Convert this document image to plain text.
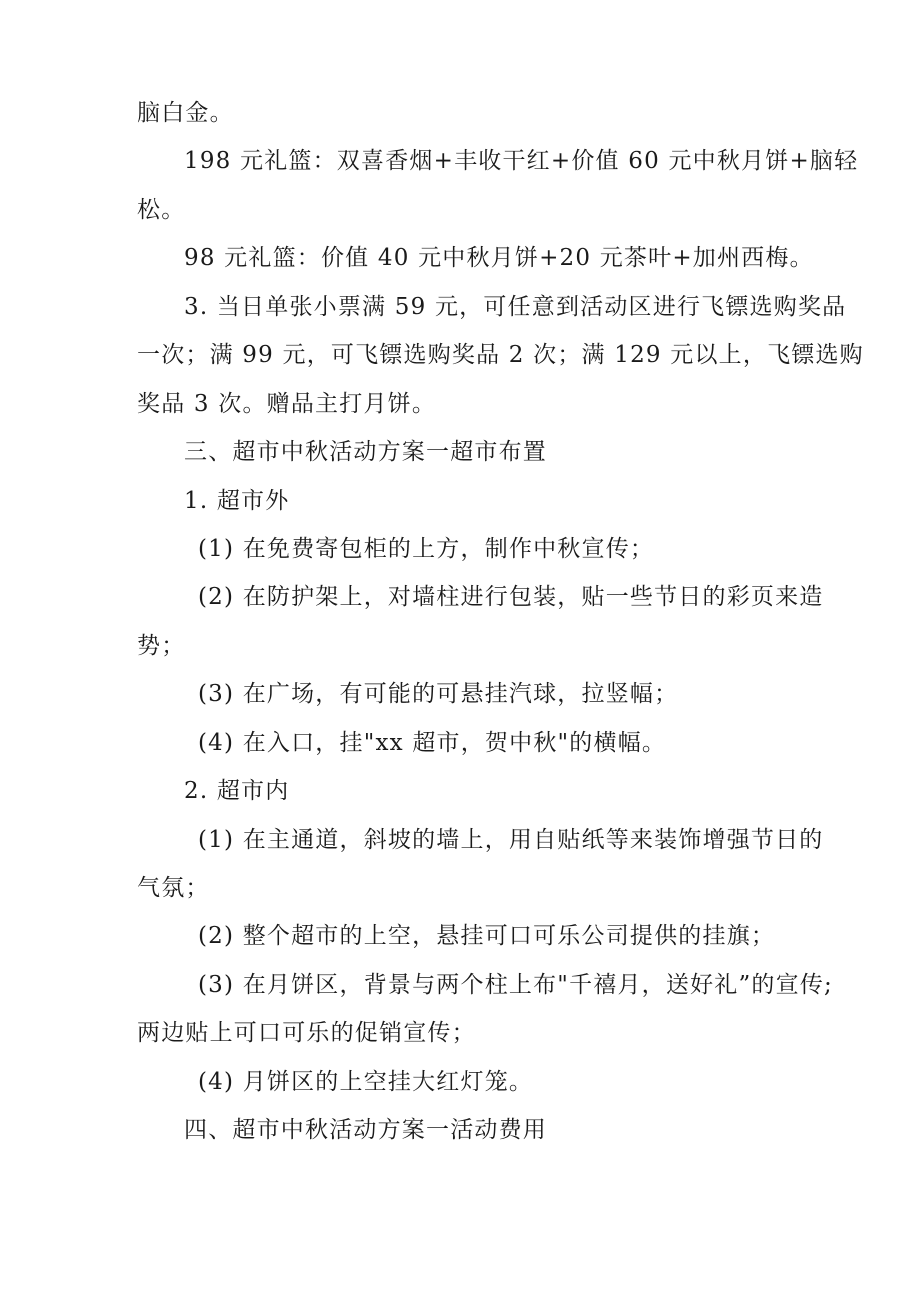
脑白金。
198 元礼篮：双喜香烟+丰收干红+价值 60 元中秋月饼+脑轻
松。
98 元礼篮：价值 40 元中秋月饼+20 元茶叶+加州西梅。
3. 当日单张小票满 59 元，可任意到活动区进行飞镖选购奖品
一次；满 99 元，可飞镖选购奖品 2 次；满 129 元以上，飞镖选购
奖品 3 次。赠品主打月饼。
三、超市中秋活动方案一超市布置
1. 超市外
(1) 在免费寄包柜的上方，制作中秋宣传；
(2) 在防护架上，对墙柱进行包装，贴一些节日的彩页来造
势；
(3) 在广场，有可能的可悬挂汽球，拉竖幅；
(4) 在入口，挂"xx 超市，贺中秋"的横幅。
2. 超市内
(1) 在主通道，斜坡的墙上，用自贴纸等来装饰增强节日的
气氛；
(2) 整个超市的上空，悬挂可口可乐公司提供的挂旗；
(3) 在月饼区，背景与两个柱上布"千禧月，送好礼”的宣传;
两边贴上可口可乐的促销宣传；
(4) 月饼区的上空挂大红灯笼。
四、超市中秋活动方案一活动费用
